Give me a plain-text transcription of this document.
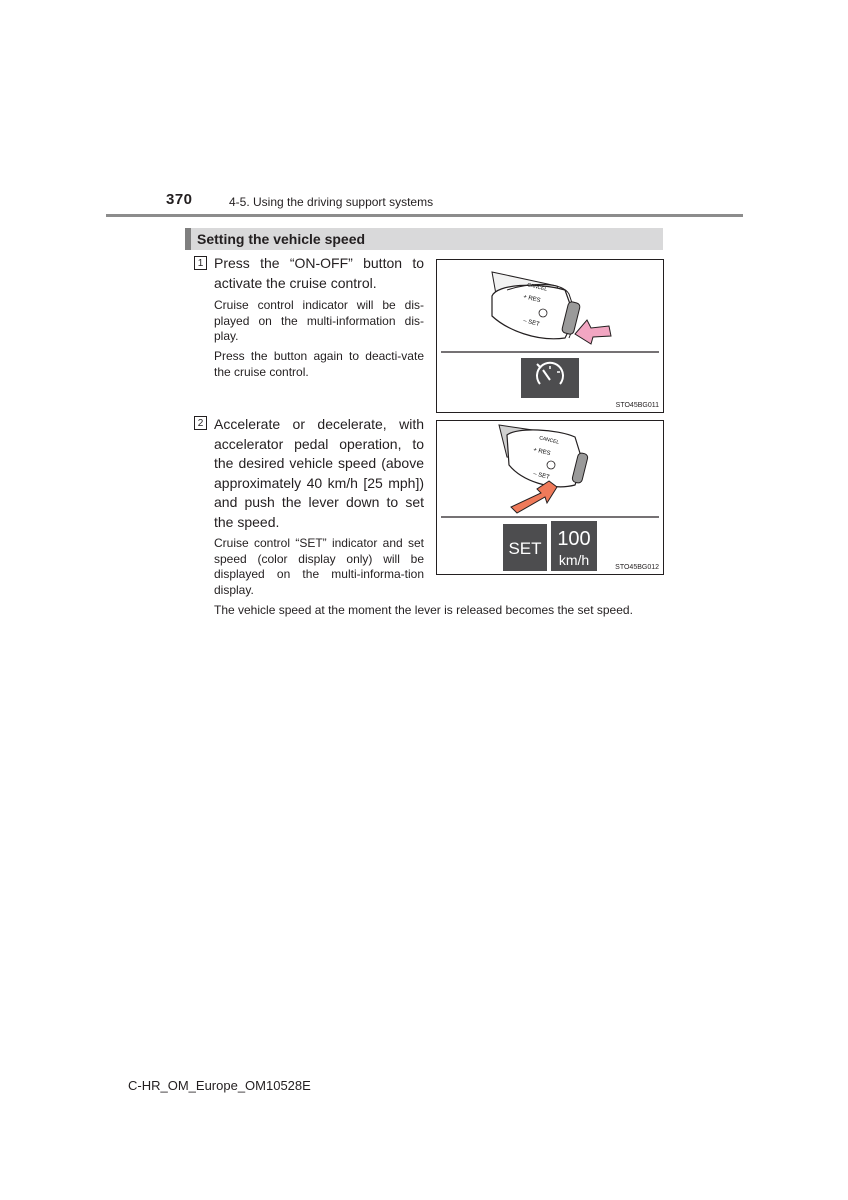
370	4-5. Using the driving support systems
Setting the vehicle speed
1 Press the “ON-OFF” button to activate the cruise control.
Cruise control indicator will be dis-played on the multi-information dis-play.
Press the button again to deacti-vate the cruise control.
CANCEL
+ RES
– SET
STO45BG011
2 Accelerate or decelerate, with accelerator pedal operation, to the desired vehicle speed (above approximately 40 km/h [25 mph]) and push the lever down to set the speed.
Cruise control “SET” indicator and set speed (color display only) will be displayed on the multi-informa-tion display.
The vehicle speed at the moment the lever is released becomes the set speed.
CANCEL
+ RES
– SET
SET 100
km/h	STO45BG012
C-HR_OM_Europe_OM10528E
